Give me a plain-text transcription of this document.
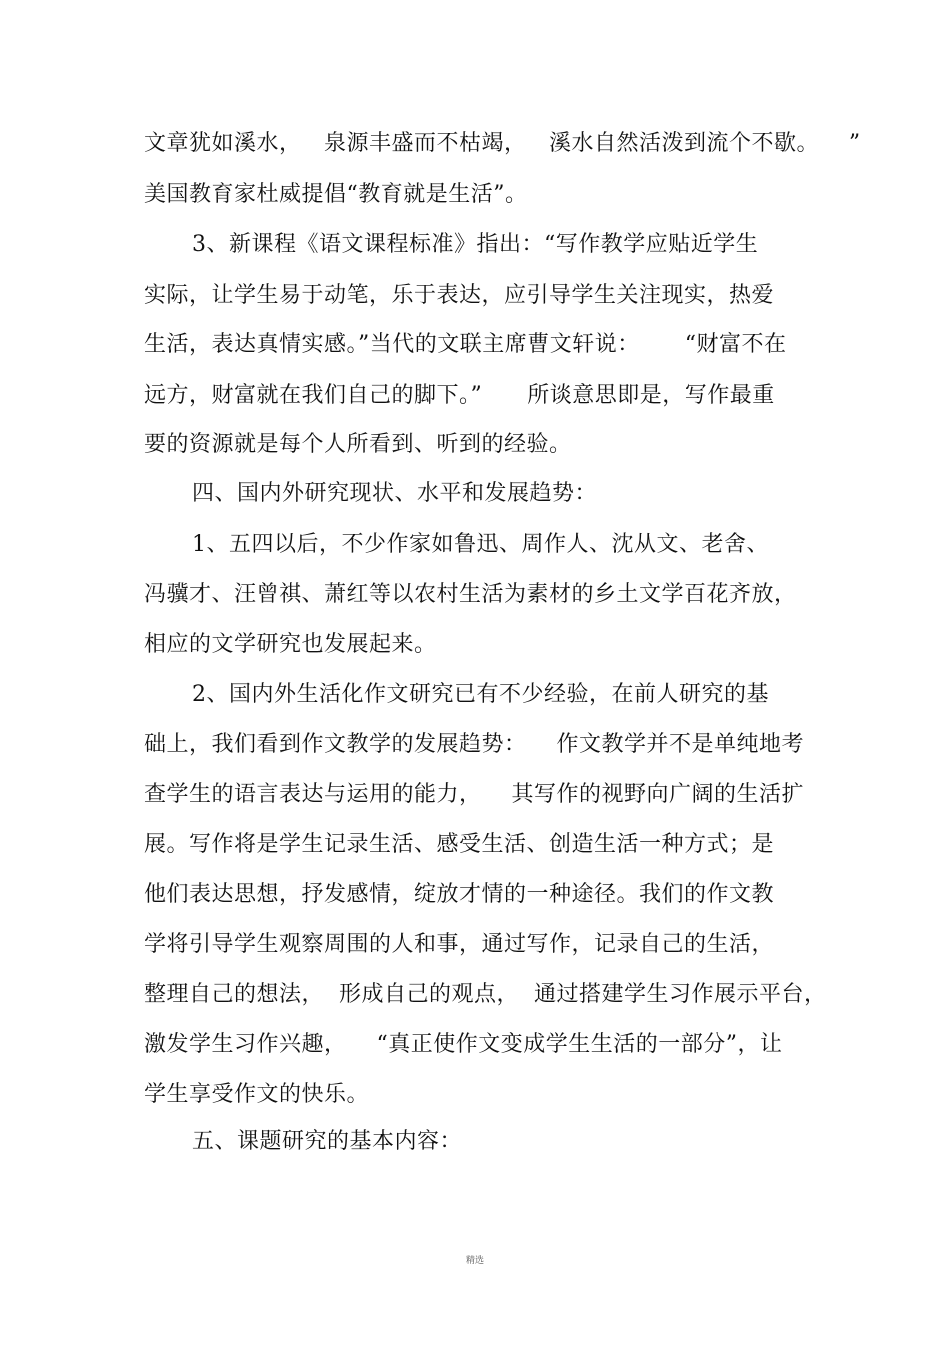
文章犹如溪水，   泉源丰盛而不枯竭，   溪水自然活泼到流个不歇。    ”
美国教育家杜威提倡“教育就是生活”。
3、新课程《语文课程标准》指出：“写作教学应贴近学生
实际，让学生易于动笔，乐于表达，应引导学生关注现实，热爱
生活，表达真情实感。”当代的文联主席曹文轩说：      “财富不在
远方，财富就在我们自己的脚下。”      所谈意思即是，写作最重
要的资源就是每个人所看到、听到的经验。
四、国内外研究现状、水平和发展趋势：
1、五四以后，不少作家如鲁迅、周作人、沈从文、老舍、
冯骥才、汪曾祺、萧红等以农村生活为素材的乡土文学百花齐放，
相应的文学研究也发展起来。
2、国内外生活化作文研究已有不少经验，在前人研究的基
础上，我们看到作文教学的发展趋势：    作文教学并不是单纯地考
查学生的语言表达与运用的能力，    其写作的视野向广阔的生活扩
展。写作将是学生记录生活、感受生活、创造生活一种方式；是
他们表达思想，抒发感情，绽放才情的一种途径。我们的作文教
学将引导学生观察周围的人和事，通过写作，记录自己的生活，
整理自己的想法，  形成自己的观点，  通过搭建学生习作展示平台，
激发学生习作兴趣，    “真正使作文变成学生生活的一部分”，让
学生享受作文的快乐。
五、课题研究的基本内容：
精选
